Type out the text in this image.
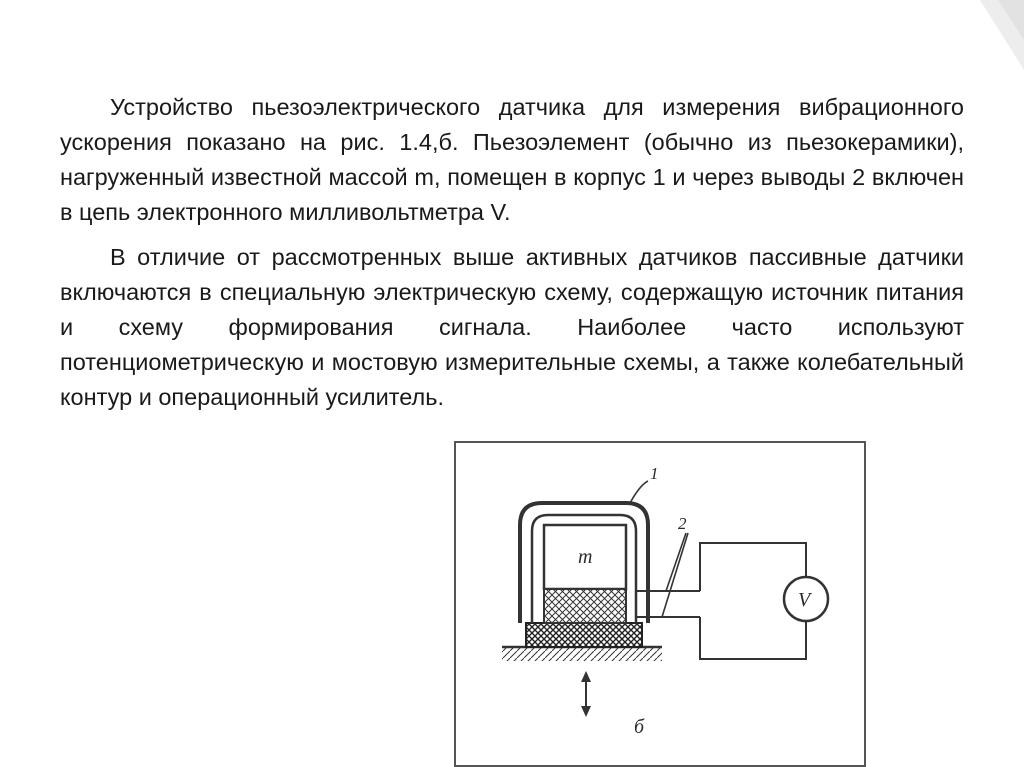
Устройство пьезоэлектрического датчика для измерения вибрационного ускорения показано на рис. 1.4,б. Пьезоэлемент (обычно из пьезокерамики), нагруженный известной массой m, помещен в корпус 1 и через выводы 2 включен в цепь электронного милливольтметра V.

В отличие от рассмотренных выше активных датчиков пассивные датчики включаются в специальную электрическую схему, содержащую источник питания и схему формирования сигнала. Наиболее часто используют потенциометрическую и мостовую измерительные схемы, а также колебательный контур и операционный усилитель.

m
1
2
V
б
